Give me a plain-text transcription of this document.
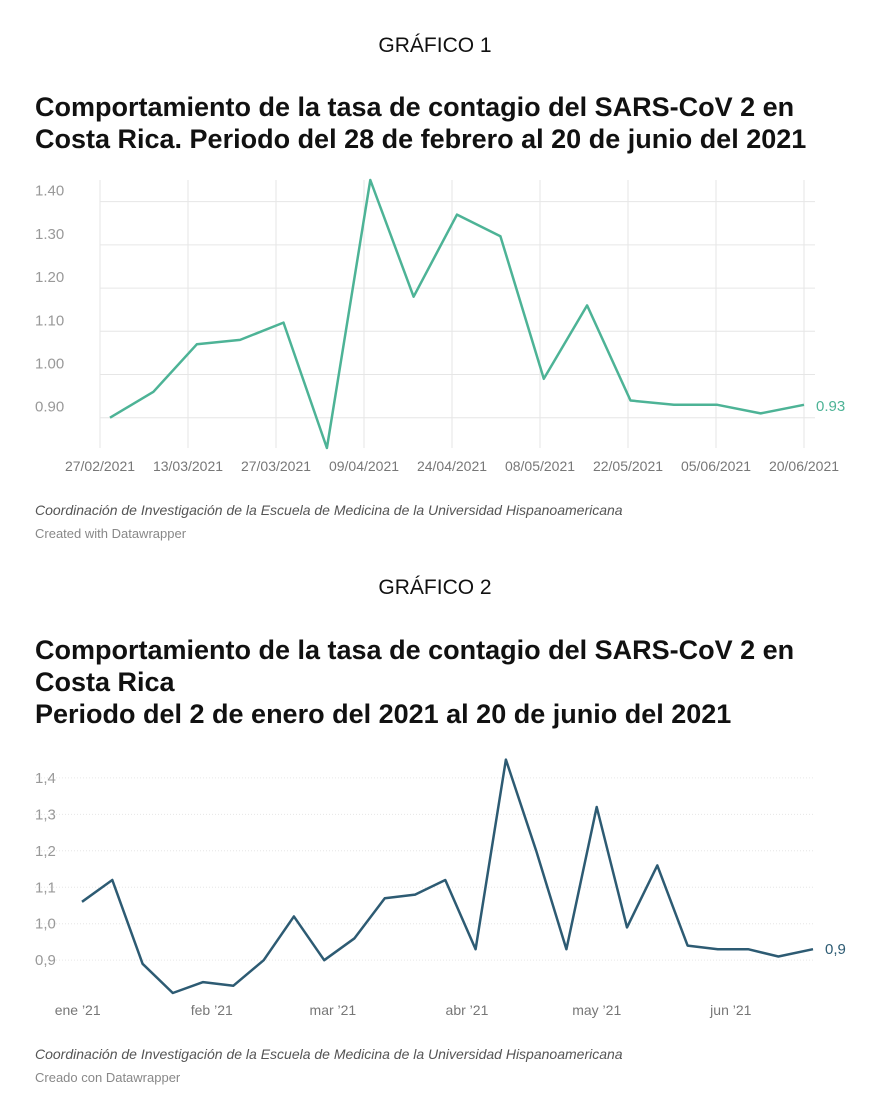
GRÁFICO 1
Comportamiento de la tasa de contagio del SARS-CoV 2 en
Costa Rica. Periodo del 28 de febrero al 20 de junio del 2021
0.90
1.00
1.10
1.20
1.30
1.40
27/02/2021 13/03/2021 27/03/2021 09/04/2021 24/04/2021 08/05/2021 22/05/2021 05/06/2021 20/06/2021
0.93
Coordinación de Investigación de la Escuela de Medicina de la Universidad Hispanoamericana
Created with Datawrapper
GRÁFICO 2
Comportamiento de la tasa de contagio del SARS-CoV 2 en
Costa Rica
Periodo del 2 de enero del 2021 al 20 de junio del 2021
0,9
1,0
1,1
1,2
1,3
1,4
ene ’21	feb ’21	mar ’21	abr ’21	may ’21	jun ’21
0,9
Coordinación de Investigación de la Escuela de Medicina de la Universidad Hispanoamericana
Creado con Datawrapper
